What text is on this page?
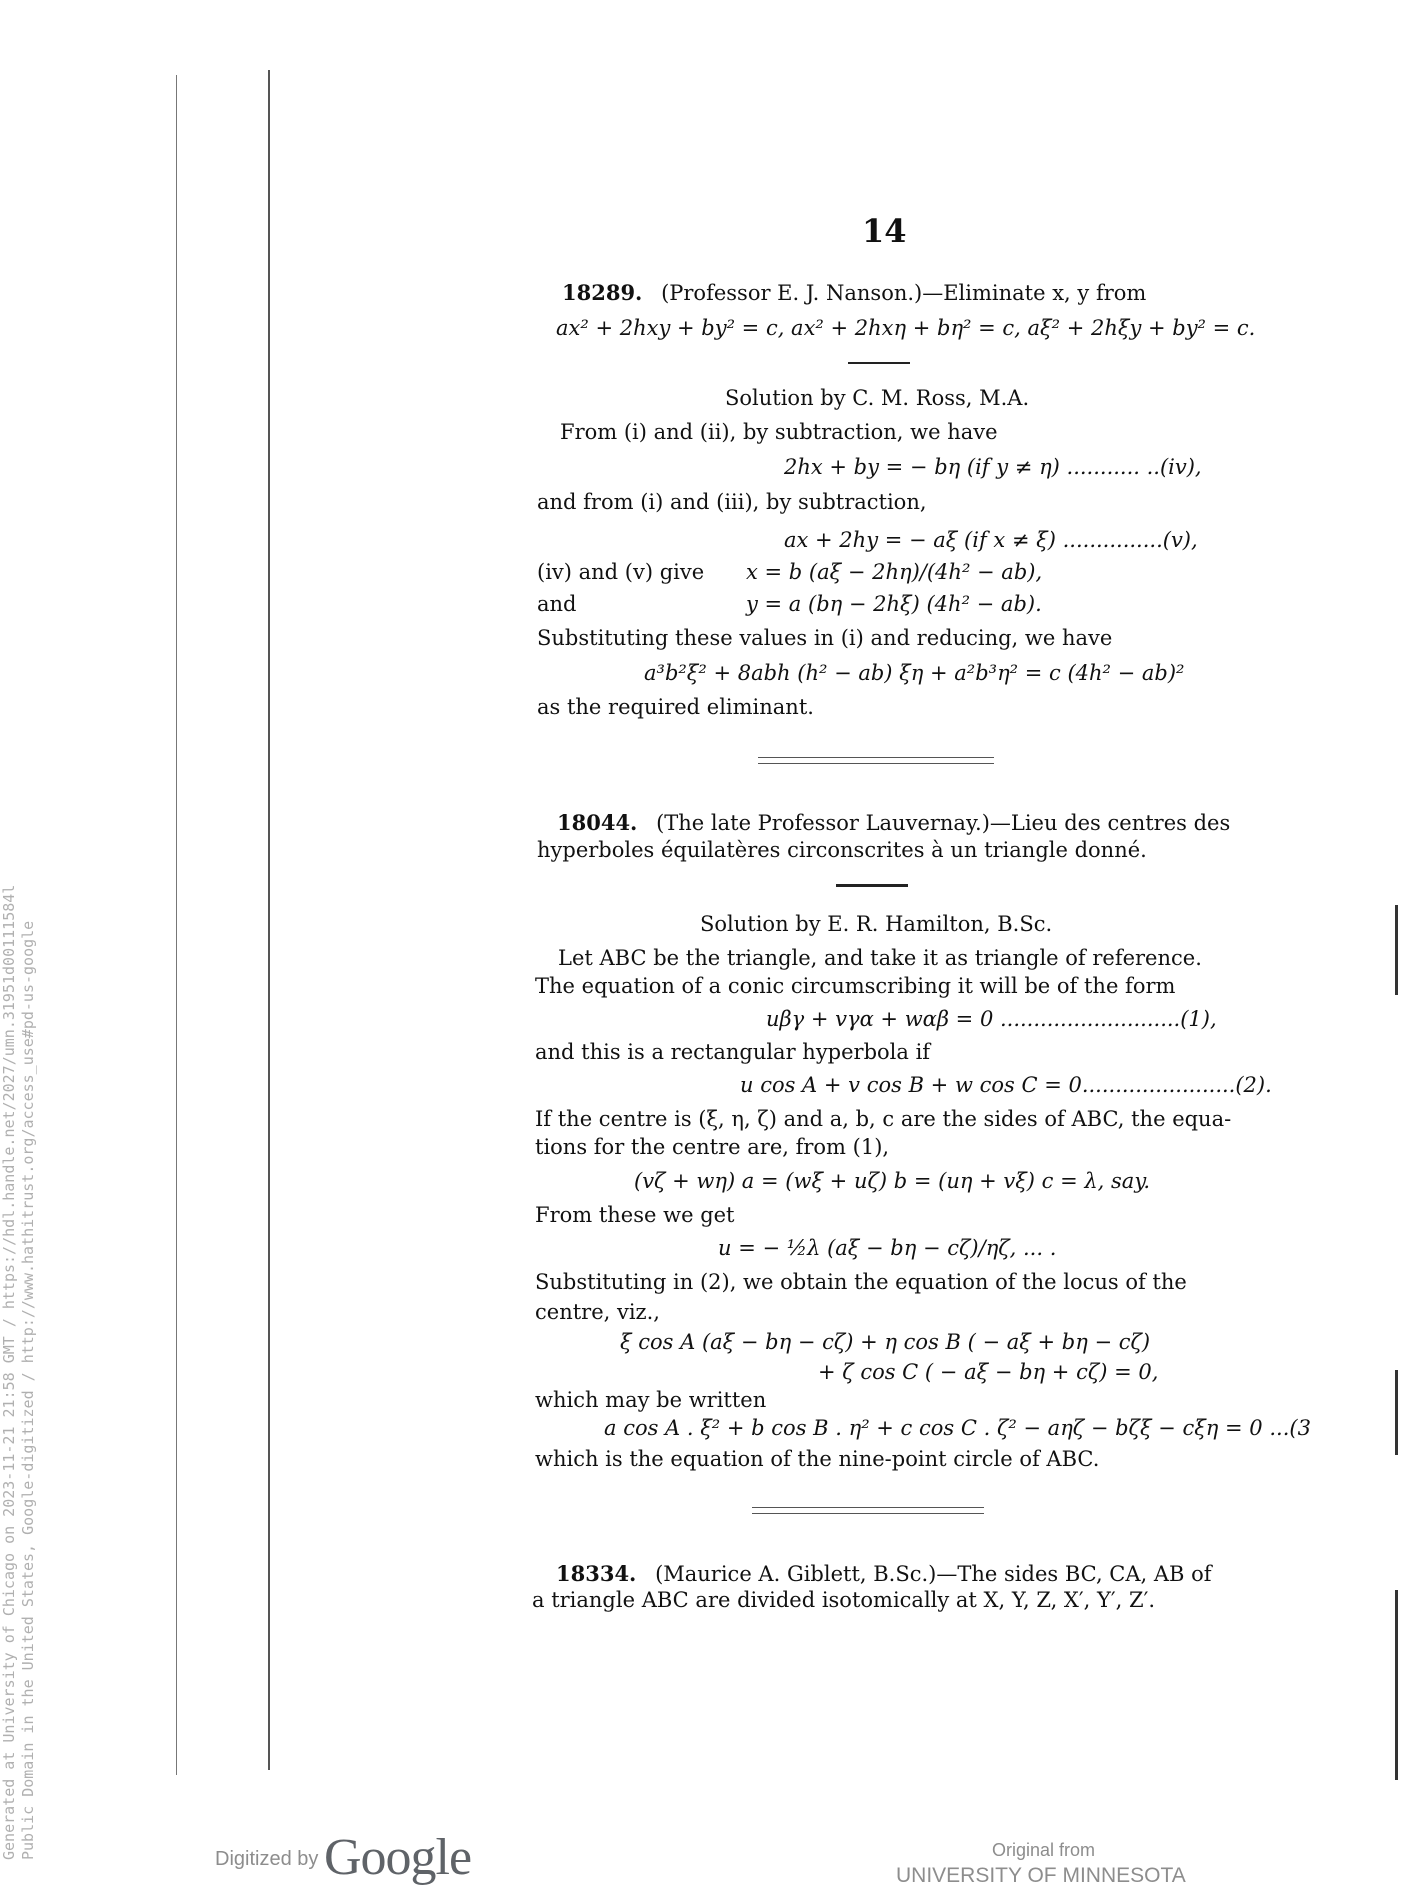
Generated at University of Chicago on 2023-11-21 21:58 GMT / https://hdl.handle.net/2027/umn.31951d00111584l Public Domain in the United States, Google-digitized / http://www.hathitrust.org/access_use#pd-us-google
14
18289. (Professor E. J. Nanson.)—Eliminate x, y from
ax² + 2hxy + by² = c, ax² + 2hxη + bη² = c, aξ² + 2hξy + by² = c.
Solution by C. M. Ross, M.A.
From (i) and (ii), by subtraction, we have
2hx + by = − bη (if y ≠ η) ........... ..(iv),
and from (i) and (iii), by subtraction,
ax + 2hy = − aξ (if x ≠ ξ) ...............(v),
(iv) and (v) give x = b (aξ − 2hη)/(4h² − ab),
and	y = a (bη − 2hξ) (4h² − ab).
Substituting these values in (i) and reducing, we have
a³b²ξ² + 8abh (h² − ab) ξη + a²b³η² = c (4h² − ab)²
as the required eliminant.
18044. (The late Professor Lauvernay.)—Lieu des centres des
hyperboles équilatères circonscrites à un triangle donné.
Solution by E. R. Hamilton, B.Sc.
Let ABC be the triangle, and take it as triangle of reference.
The equation of a conic circumscribing it will be of the form
uβγ + vγα + wαβ = 0 ...........................(1),
and this is a rectangular hyperbola if
u cos A + v cos B + w cos C = 0.......................(2).
If the centre is (ξ, η, ζ) and a, b, c are the sides of ABC, the equa-
tions for the centre are, from (1),
(vζ + wη) a = (wξ + uζ) b = (uη + vξ) c = λ, say.
From these we get
u = − ½λ (aξ − bη − cζ)/ηζ, ... .
Substituting in (2), we obtain the equation of the locus of the
centre, viz.,
ξ cos A (aξ − bη − cζ) + η cos B ( − aξ + bη − cζ)
+ ζ cos C ( − aξ − bη + cζ) = 0,
which may be written
a cos A . ξ² + b cos B . η² + c cos C . ζ² − aηζ − bζξ − cξη = 0 ...(3
which is the equation of the nine-point circle of ABC.
18334. (Maurice A. Giblett, B.Sc.)—The sides BC, CA, AB of
a triangle ABC are divided isotomically at X, Y, Z, X′, Y′, Z′.
Digitized by Google	Original from
UNIVERSITY OF MINNESOTA
